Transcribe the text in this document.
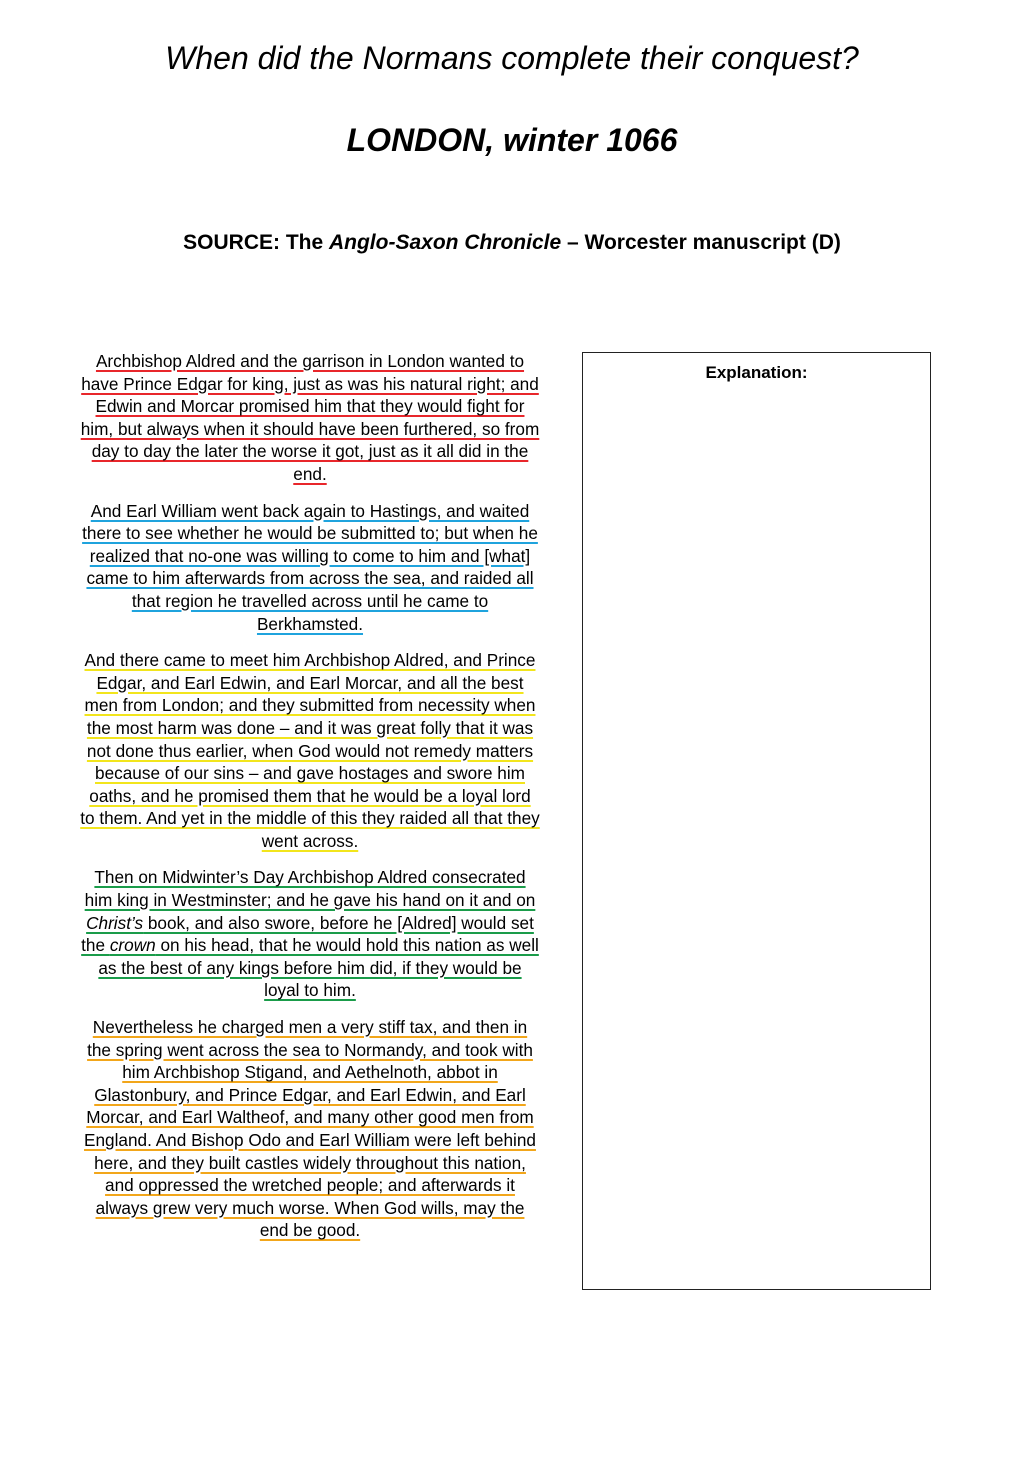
When did the Normans complete their conquest?
LONDON, winter 1066
SOURCE: The Anglo-Saxon Chronicle – Worcester manuscript (D)

Archbishop Aldred and the garrison in London wanted to have Prince Edgar for king, just as was his natural right; and Edwin and Morcar promised him that they would fight for him, but always when it should have been furthered, so from day to day the later the worse it got, just as it all did in the end.

And Earl William went back again to Hastings, and waited there to see whether he would be submitted to; but when he realized that no-one was willing to come to him and [what] came to him afterwards from across the sea, and raided all that region he travelled across until he came to Berkhamsted.

And there came to meet him Archbishop Aldred, and Prince Edgar, and Earl Edwin, and Earl Morcar, and all the best men from London; and they submitted from necessity when the most harm was done – and it was great folly that it was not done thus earlier, when God would not remedy matters because of our sins – and gave hostages and swore him oaths, and he promised them that he would be a loyal lord to them. And yet in the middle of this they raided all that they went across.

Then on Midwinter’s Day Archbishop Aldred consecrated him king in Westminster; and he gave his hand on it and on Christ’s book, and also swore, before he [Aldred] would set the crown on his head, that he would hold this nation as well as the best of any kings before him did, if they would be loyal to him.

Nevertheless he charged men a very stiff tax, and then in the spring went across the sea to Normandy, and took with him Archbishop Stigand, and Aethelnoth, abbot in Glastonbury, and Prince Edgar, and Earl Edwin, and Earl Morcar, and Earl Waltheof, and many other good men from England. And Bishop Odo and Earl William were left behind here, and they built castles widely throughout this nation, and oppressed the wretched people; and afterwards it always grew very much worse. When God wills, may the end be good.

Explanation:
